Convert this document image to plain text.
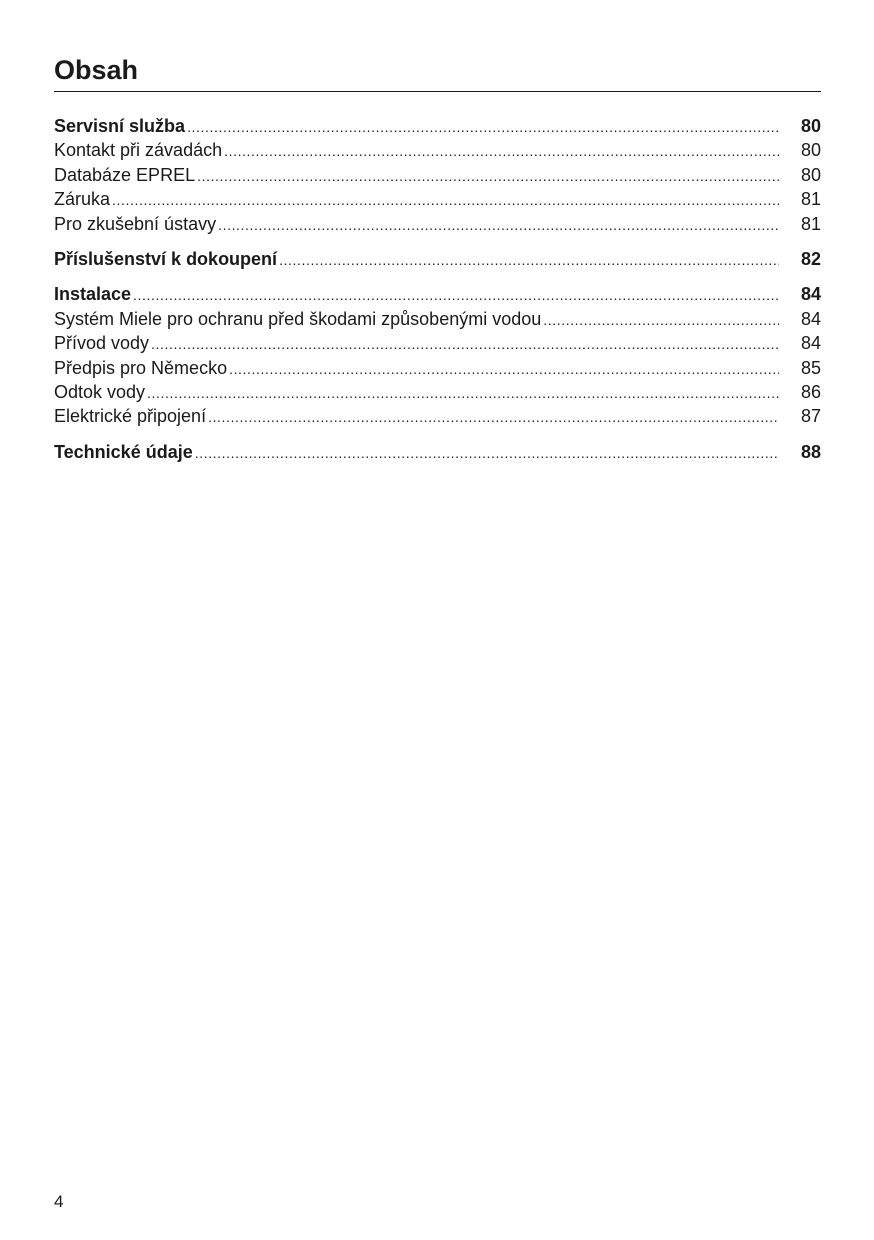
Obsah
Servisní služba .....	80
Kontakt při závadách .....	80
Databáze EPREL .....	80
Záruka .....	81
Pro zkušební ústavy .....	81
Příslušenství k dokoupení .....	82
Instalace .....	84
Systém Miele pro ochranu před škodami způsobenými vodou .....	84
Přívod vody .....	84
Předpis pro Německo .....	85
Odtok vody .....	86
Elektrické připojení .....	87
Technické údaje .....	88
4
